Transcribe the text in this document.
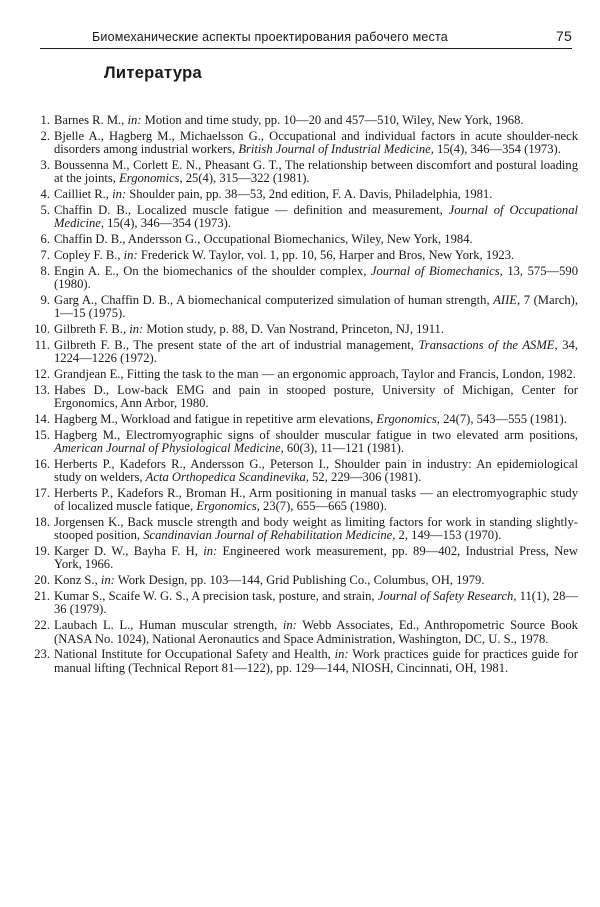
Биомеханические аспекты проектирования рабочего места	75
Литература
1. Barnes R. M., in: Motion and time study, pp. 10—20 and 457—510, Wiley, New York, 1968.
2. Bjelle A., Hagberg M., Michaelsson G., Occupational and individual factors in acute shoulder-neck disorders among industrial workers, British Journal of Industrial Medicine, 15(4), 346—354 (1973).
3. Boussenna M., Corlett E. N., Pheasant G. T., The relationship between discomfort and postural loading at the joints, Ergonomics, 25(4), 315—322 (1981).
4. Cailliet R., in: Shoulder pain, pp. 38—53, 2nd edition, F. A. Davis, Philadelphia, 1981.
5. Chaffin D. B., Localized muscle fatigue — definition and measurement, Journal of Occupational Medicine, 15(4), 346—354 (1973).
6. Chaffin D. B., Andersson G., Occupational Biomechanics, Wiley, New York, 1984.
7. Copley F. B., in: Frederick W. Taylor, vol. 1, pp. 10, 56, Harper and Bros, New York, 1923.
8. Engin A. E., On the biomechanics of the shoulder complex, Journal of Biomechanics, 13, 575—590 (1980).
9. Garg A., Chaffin D. B., A biomechanical computerized simulation of human strength, AIIE, 7 (March), 1—15 (1975).
10. Gilbreth F. B., in: Motion study, p. 88, D. Van Nostrand, Princeton, NJ, 1911.
11. Gilbreth F. B., The present state of the art of industrial management, Transactions of the ASME, 34, 1224—1226 (1972).
12. Grandjean E., Fitting the task to the man — an ergonomic approach, Taylor and Francis, London, 1982.
13. Habes D., Low-back EMG and pain in stooped posture, University of Michigan, Center for Ergonomics, Ann Arbor, 1980.
14. Hagberg M., Workload and fatigue in repetitive arm elevations, Ergonomics, 24(7), 543—555 (1981).
15. Hagberg M., Electromyographic signs of shoulder muscular fatigue in two elevated arm positions, American Journal of Physiological Medicine, 60(3), 11—121 (1981).
16. Herberts P., Kadefors R., Andersson G., Peterson I., Shoulder pain in industry: An epidemiological study on welders, Acta Orthopedica Scandinevika, 52, 229—306 (1981).
17. Herberts P., Kadefors R., Broman H., Arm positioning in manual tasks — an electromyographic study of localized muscle fatique, Ergonomics, 23(7), 655—665 (1980).
18. Jorgensen K., Back muscle strength and body weight as limiting factors for work in standing slightly-stooped position, Scandinavian Journal of Rehabilitation Medicine, 2, 149—153 (1970).
19. Karger D. W., Bayha F. H, in: Engineered work measurement, pp. 89—402, Industrial Press, New York, 1966.
20. Konz S., in: Work Design, pp. 103—144, Grid Publishing Co., Columbus, OH, 1979.
21. Kumar S., Scaife W. G. S., A precision task, posture, and strain, Journal of Safety Research, 11(1), 28—36 (1979).
22. Laubach L. L., Human muscular strength, in: Webb Associates, Ed., Anthropometric Source Book (NASA No. 1024), National Aeronautics and Space Administration, Washington, DC, U. S., 1978.
23. National Institute for Occupational Safety and Health, in: Work practices guide for practices guide for manual lifting (Technical Report 81—122), pp. 129—144, NIOSH, Cincinnati, OH, 1981.
